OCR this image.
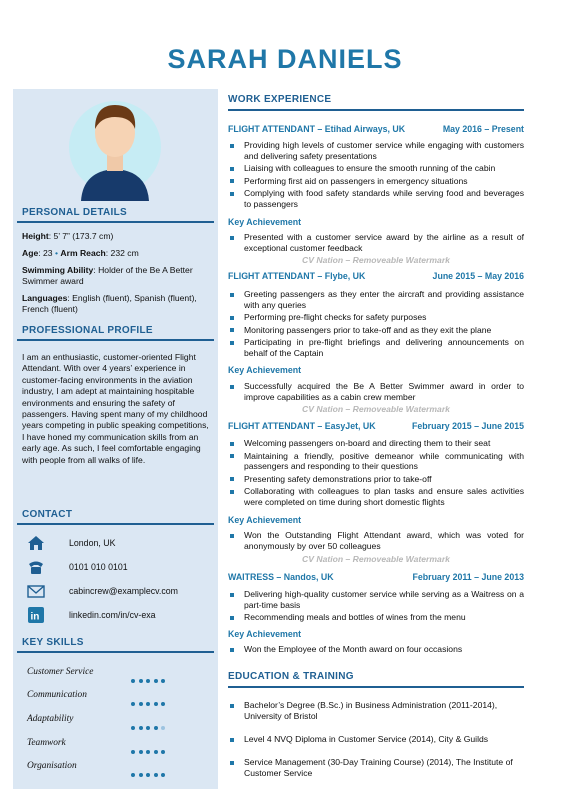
SARAH DANIELS
PERSONAL DETAILS
Height: 5’ 7” (173.7 cm)
Age: 23 • Arm Reach: 232 cm
Swimming Ability: Holder of the Be A Better Swimmer award
Languages: English (fluent), Spanish (fluent), French (fluent)
PROFESSIONAL PROFILE
I am an enthusiastic, customer-oriented Flight Attendant. With over 4 years’ experience in customer-facing environments in the aviation industry, I am adept at maintaining hospitable environments and ensuring the safety of passengers. Having spent many of my childhood years competing in public speaking competitions, I have honed my communication skills from an early age. As such, I feel comfortable engaging with people from all walks of life.
CONTACT
London, UK
0101 010 0101
cabincrew@examplecv.com
in	linkedin.com/in/cv-exa
KEY SKILLS
Customer Service
Communication
Adaptability
Teamwork
Organisation
WORK EXPERIENCE
FLIGHT ATTENDANT – Etihad Airways, UK	May 2016 – Present
Providing high levels of customer service while engaging with customers and delivering safety presentations
Liaising with colleagues to ensure the smooth running of the cabin
Performing first aid on passengers in emergency situations
Complying with food safety standards while serving food and beverages to passengers
Key Achievement
Presented with a customer service award by the airline as a result of exceptional customer feedback
CV Nation – Removeable Watermark
FLIGHT ATTENDANT – Flybe, UK	June 2015 – May 2016
Greeting passengers as they enter the aircraft and providing assistance with any queries
Performing pre-flight checks for safety purposes
Monitoring passengers prior to take-off and as they exit the plane
Participating in pre-flight briefings and delivering announcements on behalf of the Captain
Key Achievement
Successfully acquired the Be A Better Swimmer award in order to improve capabilities as a cabin crew member
CV Nation – Removeable Watermark
FLIGHT ATTENDANT – EasyJet, UK	February 2015 – June 2015
Welcoming passengers on-board and directing them to their seat
Maintaining a friendly, positive demeanor while communicating with passengers and responding to their questions
Presenting safety demonstrations prior to take-off
Collaborating with colleagues to plan tasks and ensure sales activities were completed on time during short domestic flights
Key Achievement
Won the Outstanding Flight Attendant award, which was voted for anonymously by over 50 colleagues
CV Nation – Removeable Watermark
WAITRESS – Nandos, UK	February 2011 – June 2013
Delivering high-quality customer service while serving as a Waitress on a part-time basis
Recommending meals and bottles of wines from the menu
Key Achievement
Won the Employee of the Month award on four occasions
EDUCATION & TRAINING
Bachelor’s Degree (B.Sc.) in Business Administration (2011-2014), University of Bristol
Level 4 NVQ Diploma in Customer Service (2014), City & Guilds
Service Management (30-Day Training Course) (2014), The Institute of Customer Service
